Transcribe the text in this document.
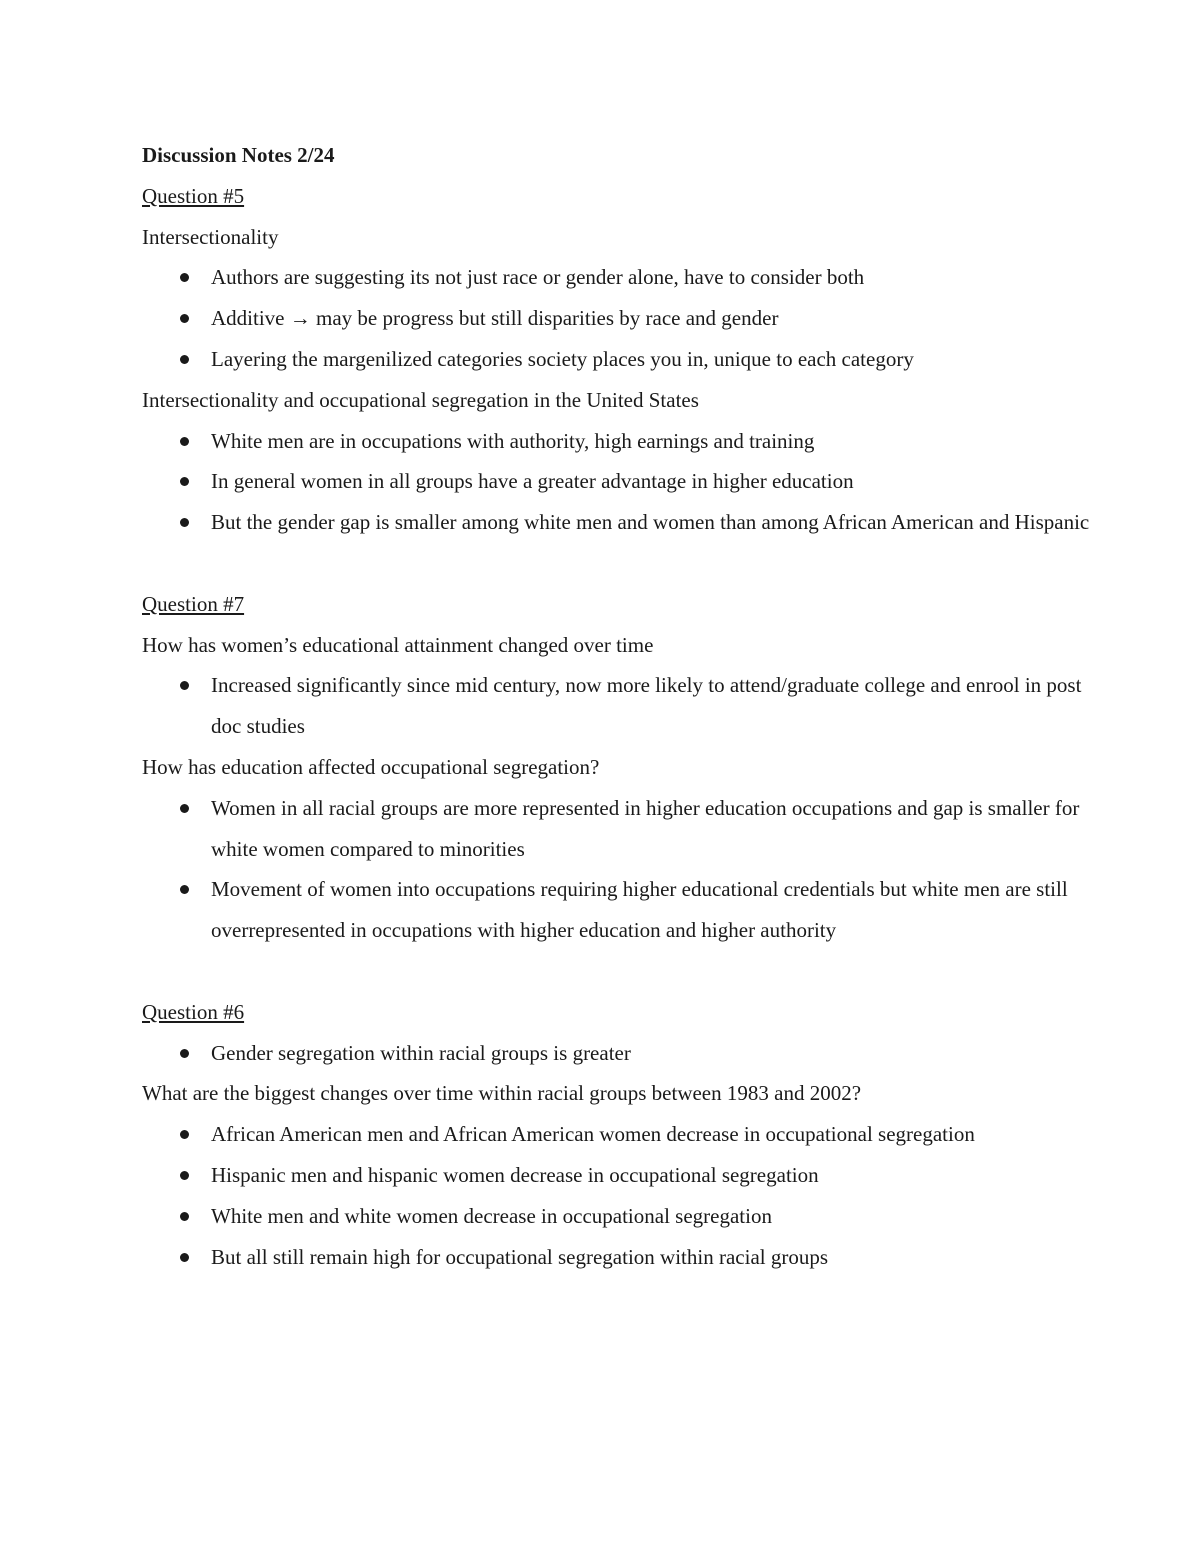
Discussion Notes 2/24

Question #5

Intersectionality

Authors are suggesting its not just race or gender alone, have to consider both
Additive → may be progress but still disparities by race and gender
Layering the margenilized categories society places you in, unique to each category

Intersectionality and occupational segregation in the United States

White men are in occupations with authority, high earnings and training
In general women in all groups have a greater advantage in higher education
But the gender gap is smaller among white men and women than among African American and Hispanic

Question #7

How has women’s educational attainment changed over time

Increased significantly since mid century, now more likely to attend/graduate college and enrool in post doc studies

How has education affected occupational segregation?

Women in all racial groups are more represented in higher education occupations and gap is smaller for white women compared to minorities
Movement of women into occupations requiring higher educational credentials but white men are still overrepresented in occupations with higher education and higher authority

Question #6

Gender segregation within racial groups is greater

What are the biggest changes over time within racial groups between 1983 and 2002?

African American men and African American women decrease in occupational segregation
Hispanic men and hispanic women decrease in occupational segregation
White men and white women decrease in occupational segregation
But all still remain high for occupational segregation within racial groups
